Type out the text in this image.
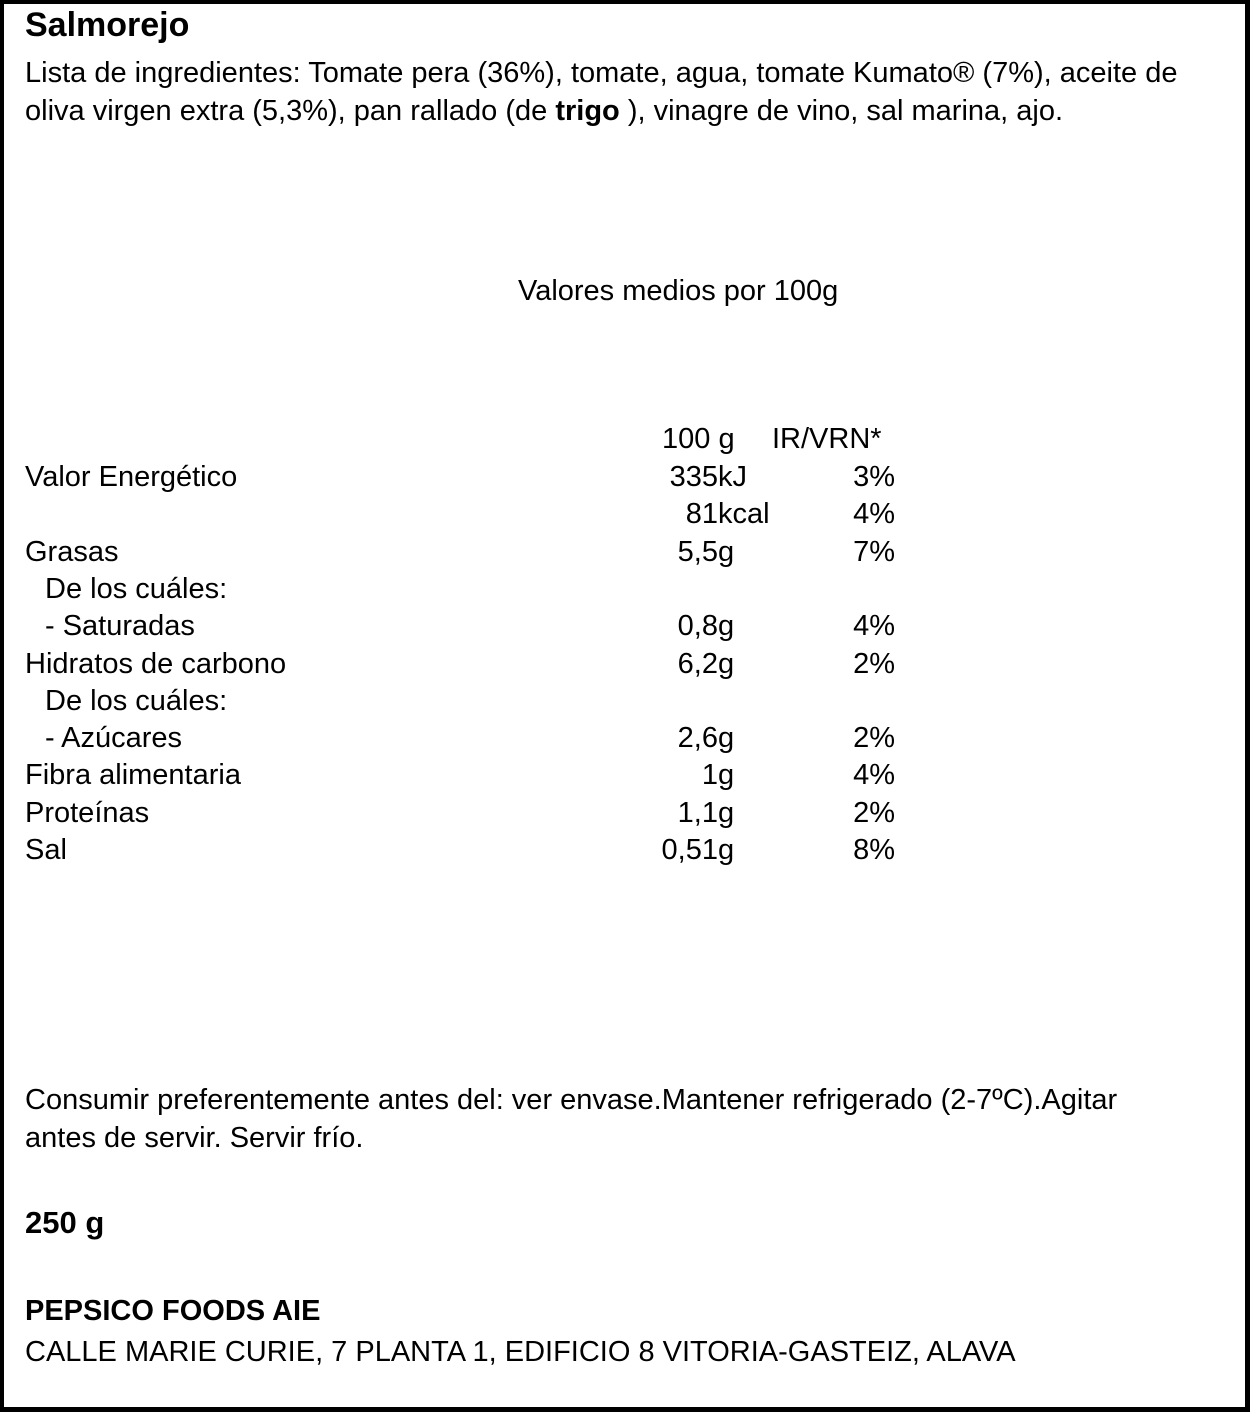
Salmorejo
Lista de ingredientes: Tomate pera (36%), tomate, agua, tomate Kumato® (7%), aceite de oliva virgen extra (5,3%), pan rallado (de trigo ), vinagre de vino, sal marina, ajo.
Valores medios por 100g
100 g IR/VRN*
Valor Energético	335 kJ	3%
81 kcal	4%
Grasas	5,5 g	7%
De los cuáles:
- Saturadas	0,8 g	4%
Hidratos de carbono	6,2 g	2%
De los cuáles:
- Azúcares	2,6 g	2%
Fibra alimentaria	1 g	4%
Proteínas	1,1 g	2%
Sal	0,51 g	8%
Consumir preferentemente antes del: ver envase.Mantener refrigerado (2-7ºC).Agitar antes de servir. Servir frío.
250 g
PEPSICO FOODS AIE
CALLE MARIE CURIE, 7 PLANTA 1, EDIFICIO 8 VITORIA-GASTEIZ, ALAVA
